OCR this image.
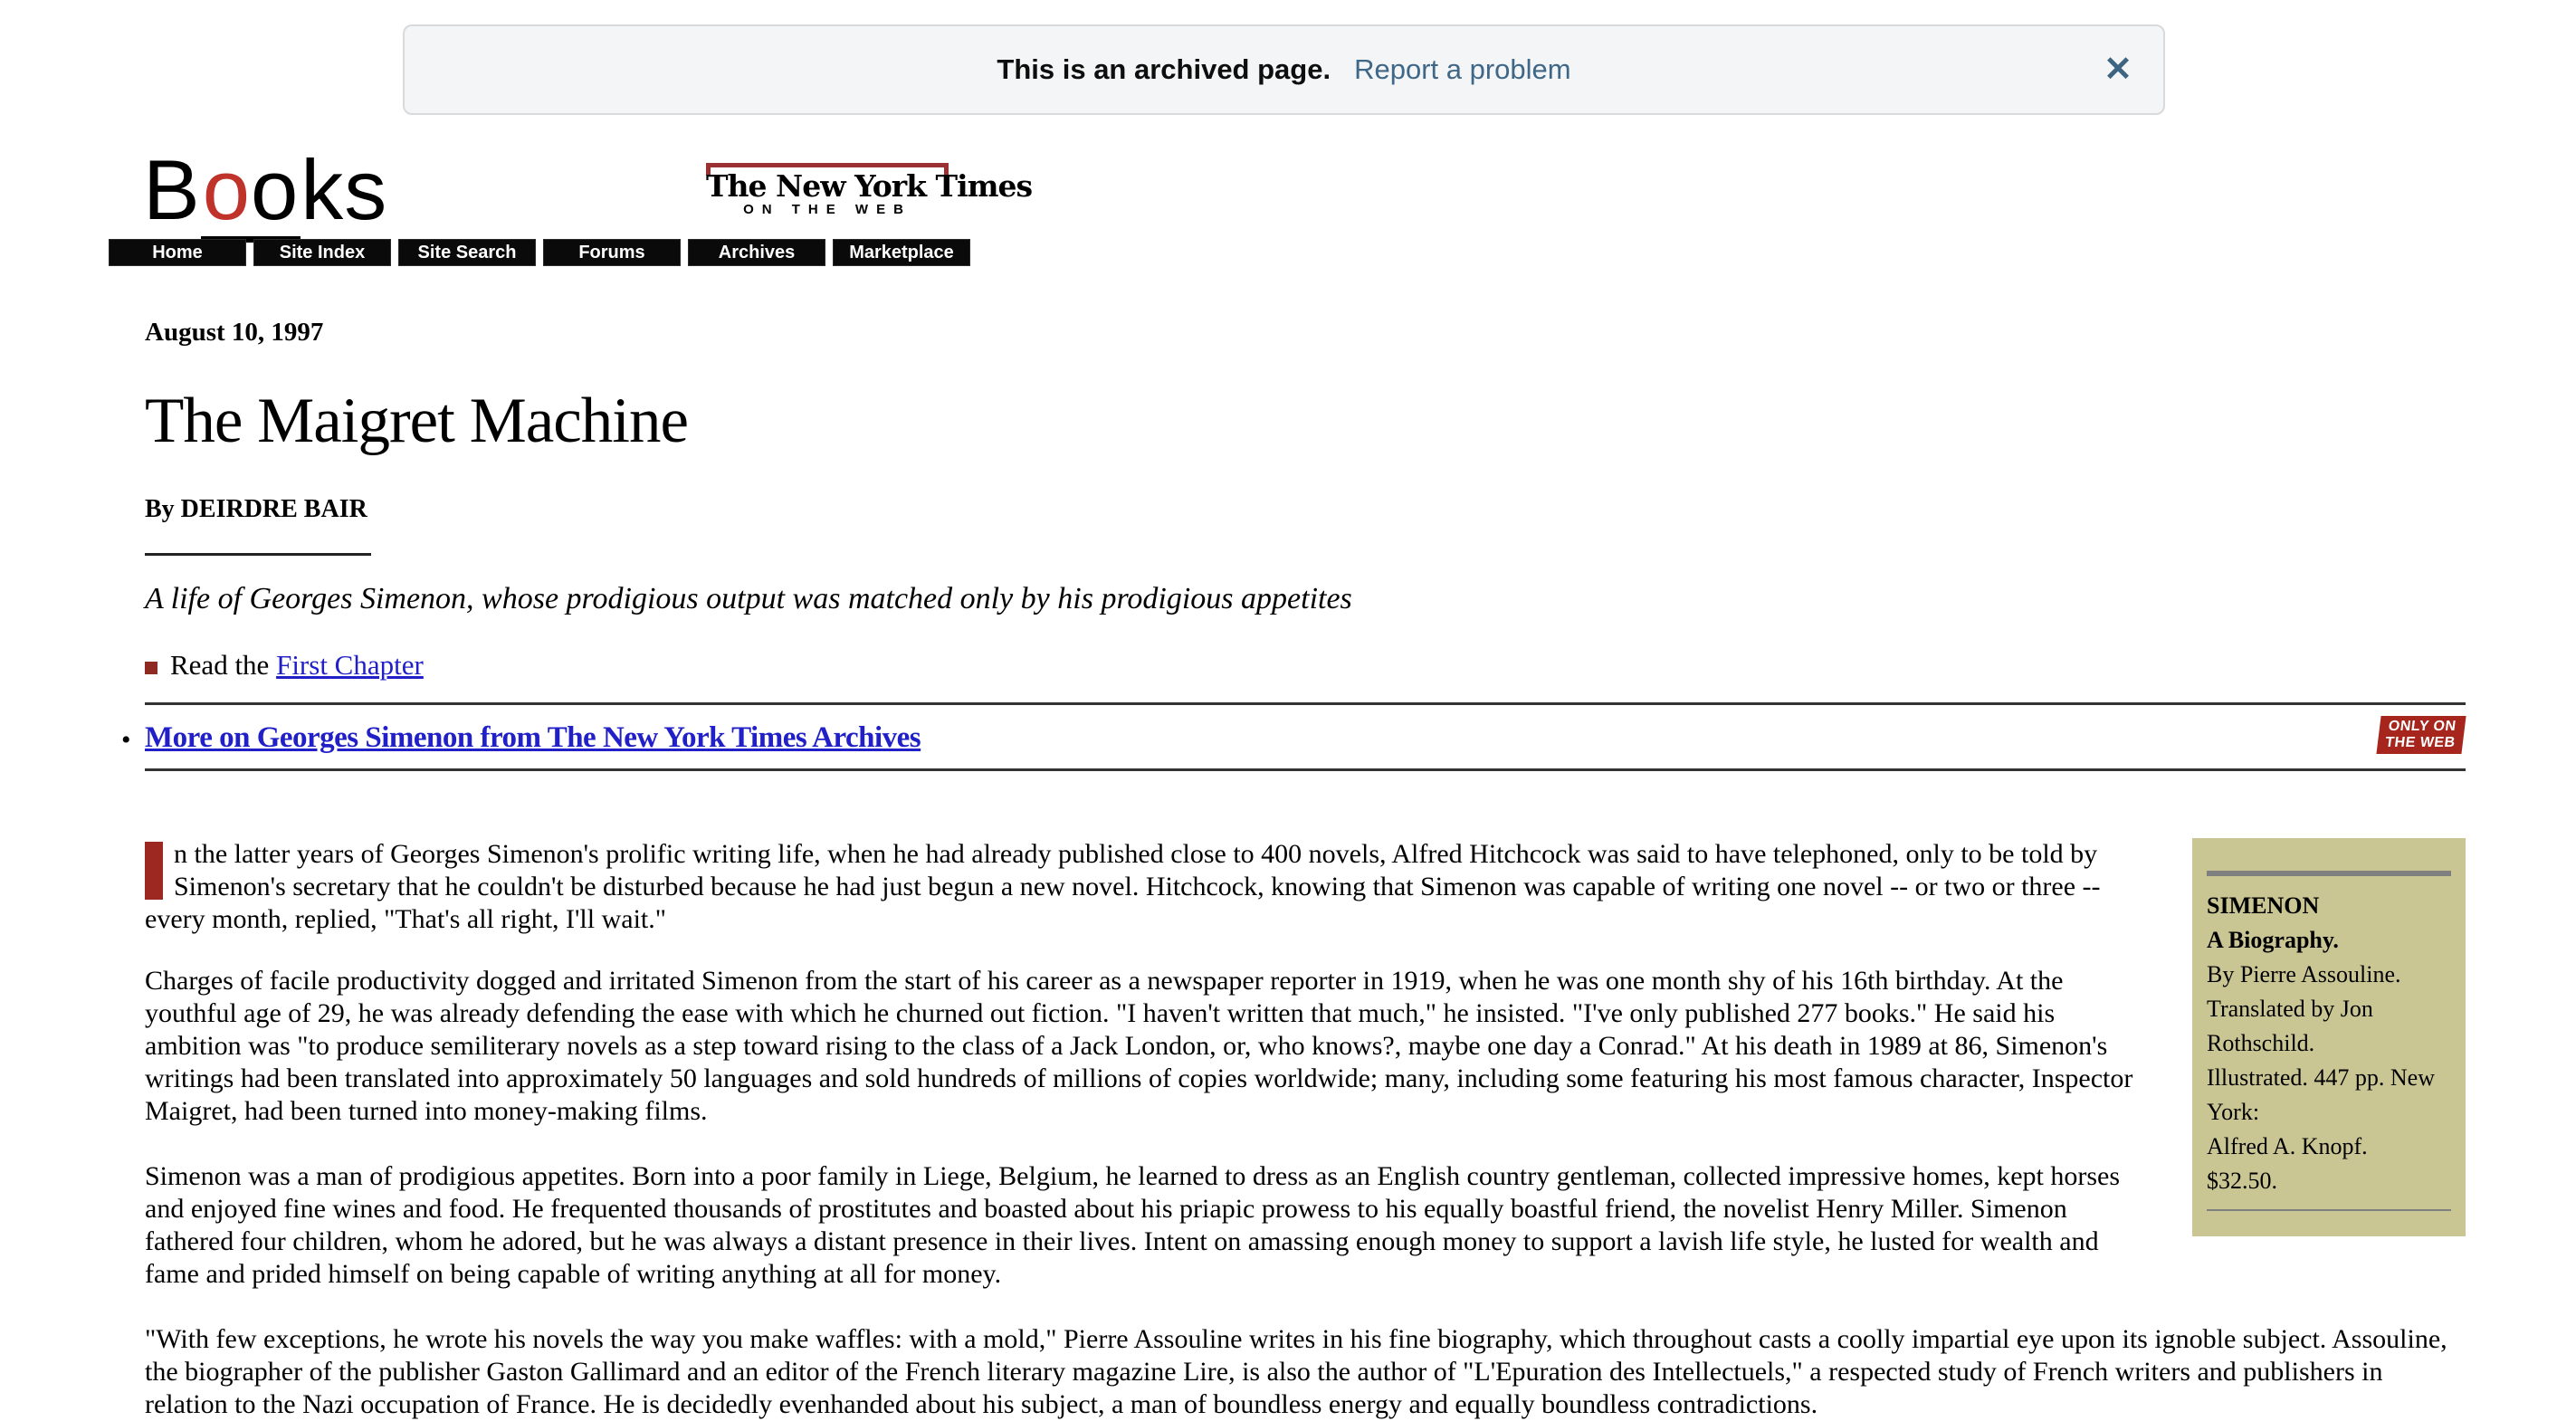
This is an archived page. Report a problem	✕
Books	The New York Times
ON THE WEB
Home	Site Index	Site Search	Forums	Archives	Marketplace
August 10, 1997
The Maigret Machine
By DEIRDRE BAIR
A life of Georges Simenon, whose prodigious output was matched only by his prodigious appetites
Read the First Chapter
• More on Georges Simenon from The New York Times Archives	ONLY ON
THE WEB
SIMENON
A Biography.
By Pierre Assouline.
Translated by Jon Rothschild.
Illustrated. 447 pp. New York:
Alfred A. Knopf.
$32.50.

I n the latter years of Georges Simenon's prolific writing life, when he had already published close to 400 novels, Alfred Hitchcock was said to have telephoned, only to be told by Simenon's secretary that he couldn't be disturbed because he had just begun a new novel. Hitchcock, knowing that Simenon was capable of writing one novel -- or two or three -- every month, replied, "That's all right, I'll wait."

Charges of facile productivity dogged and irritated Simenon from the start of his career as a newspaper reporter in 1919, when he was one month shy of his 16th birthday. At the youthful age of 29, he was already defending the ease with which he churned out fiction. "I haven't written that much," he insisted. "I've only published 277 books." He said his ambition was "to produce semiliterary novels as a step toward rising to the class of a Jack London, or, who knows?, maybe one day a Conrad." At his death in 1989 at 86, Simenon's writings had been translated into approximately 50 languages and sold hundreds of millions of copies worldwide; many, including some featuring his most famous character, Inspector Maigret, had been turned into money-making films.

Simenon was a man of prodigious appetites. Born into a poor family in Liege, Belgium, he learned to dress as an English country gentleman, collected impressive homes, kept horses and enjoyed fine wines and food. He frequented thousands of prostitutes and boasted about his priapic prowess to his equally boastful friend, the novelist Henry Miller. Simenon fathered four children, whom he adored, but he was always a distant presence in their lives. Intent on amassing enough money to support a lavish life style, he lusted for wealth and fame and prided himself on being capable of writing anything at all for money.

"With few exceptions, he wrote his novels the way you make waffles: with a mold," Pierre Assouline writes in his fine biography, which throughout casts a coolly impartial eye upon its ignoble subject. Assouline, the biographer of the publisher Gaston Gallimard and an editor of the French literary magazine Lire, is also the author of "L'Epuration des Intellectuels," a respected study of French writers and publishers in relation to the Nazi occupation of France. He is decidedly evenhanded about his subject, a man of boundless energy and equally boundless contradictions.
